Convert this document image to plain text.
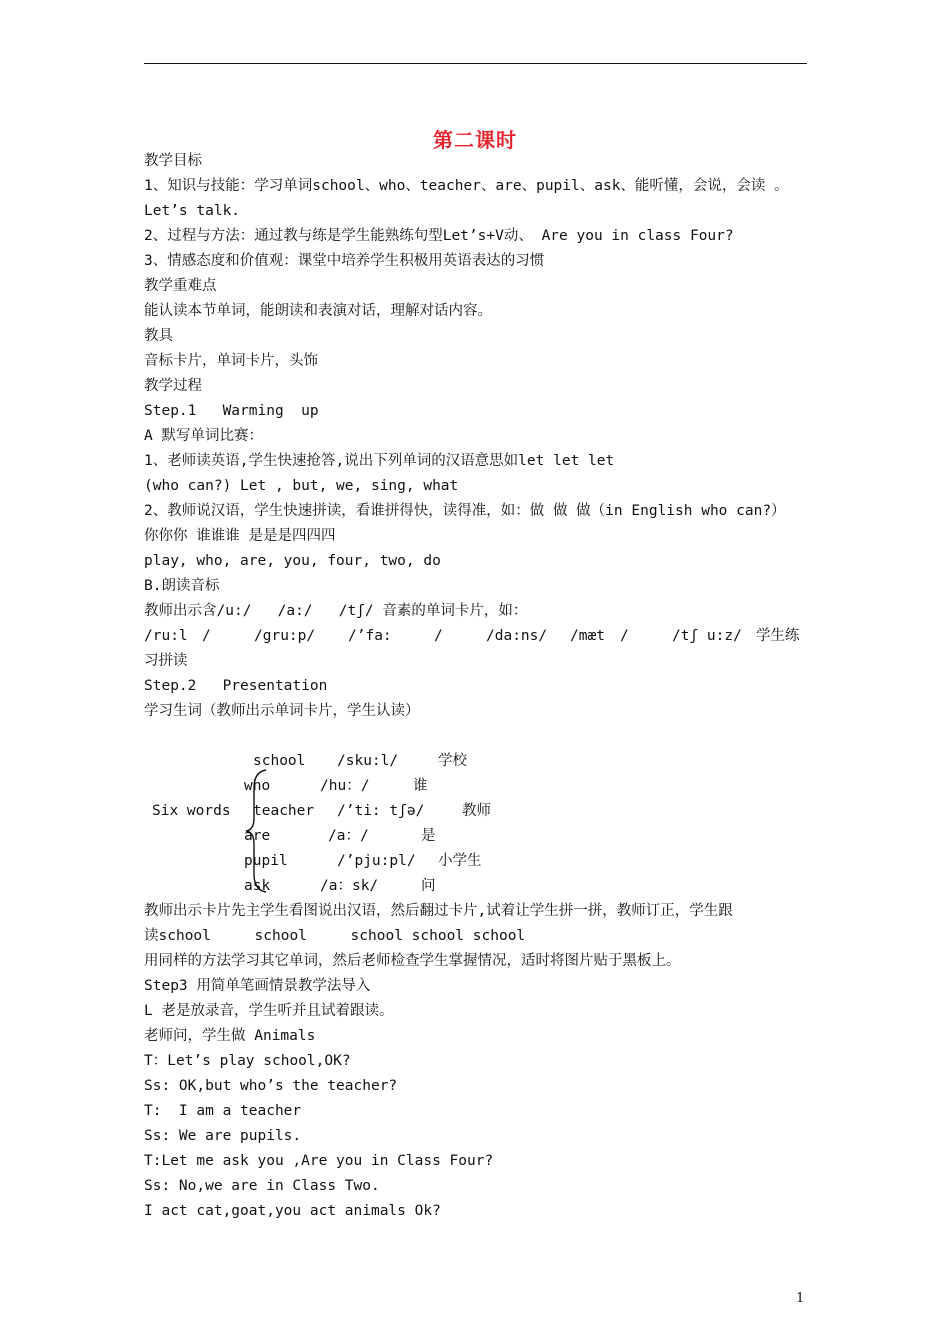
第二课时
教学目标
1、知识与技能：学习单词school、who、teacher、are、pupil、ask、能听懂，会说，会读 。
Let’s talk.
2、过程与方法：通过教与练是学生能熟练句型Let’s+V动、 Are you in class Four?
3、情感态度和价值观：课堂中培养学生积极用英语表达的习惯
教学重难点
能认读本节单词，能朗读和表演对话，理解对话内容。
教具
音标卡片，单词卡片，头饰
教学过程
Step.1   Warming  up
A 默写单词比赛：
1、老师读英语,学生快速抢答,说出下列单词的汉语意思如let let let
(who can?) Let , but, we, sing, what
2、教师说汉语，学生快速拼读，看谁拼得快，读得准，如：做 做 做（in English who can?）
你你你 谁谁谁 是是是四四四
play, who, are, you, four, two, do
B.朗读音标
教师出示含/u:/   /a:/   /tʃ/ 音素的单词卡片，如：
/ru:l /	/gru:p/ /’fa:	/	/da:ns/ /mæt /	/tʃ u:z/ 学生练
习拼读
Step.2   Presentation
学习生词（教师出示单词卡片，学生认读）
Six words
school /sku:l/	学校
who	/hu：/	谁
teacher /’ti: tʃə/	教师
are	/a：/	是
pupil	/’pju:pl/ 小学生
ask	/a：sk/	问
教师出示卡片先主学生看图说出汉语，然后翻过卡片,试着让学生拼一拼，教师订正，学生跟
读school     school     school school school
用同样的方法学习其它单词，然后老师检查学生掌握情况，适时将图片贴于黑板上。
Step3 用简单笔画情景教学法导入
L 老是放录音，学生听并且试着跟读。
老师问，学生做 Animals
T：Let’s play school,OK?
Ss: OK,but who’s the teacher?
T:  I am a teacher
Ss: We are pupils.
T:Let me ask you ,Are you in Class Four?
Ss: No,we are in Class Two.
I act cat,goat,you act animals Ok?
1
